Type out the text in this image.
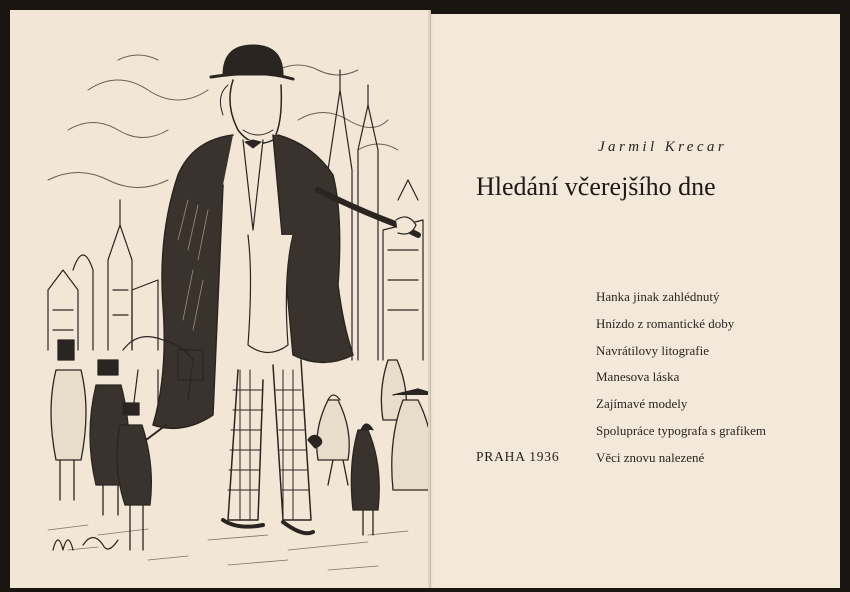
Jarmil Krecar
Hledání včerejšího dne
Hanka jinak zahlédnutý
Hnízdo z romantické doby
Navrátilovy litografie
Manesova láska
Zajímavé modely
Spolupráce typografa s grafikem
Věci znovu nalezené
PRAHA 1936
